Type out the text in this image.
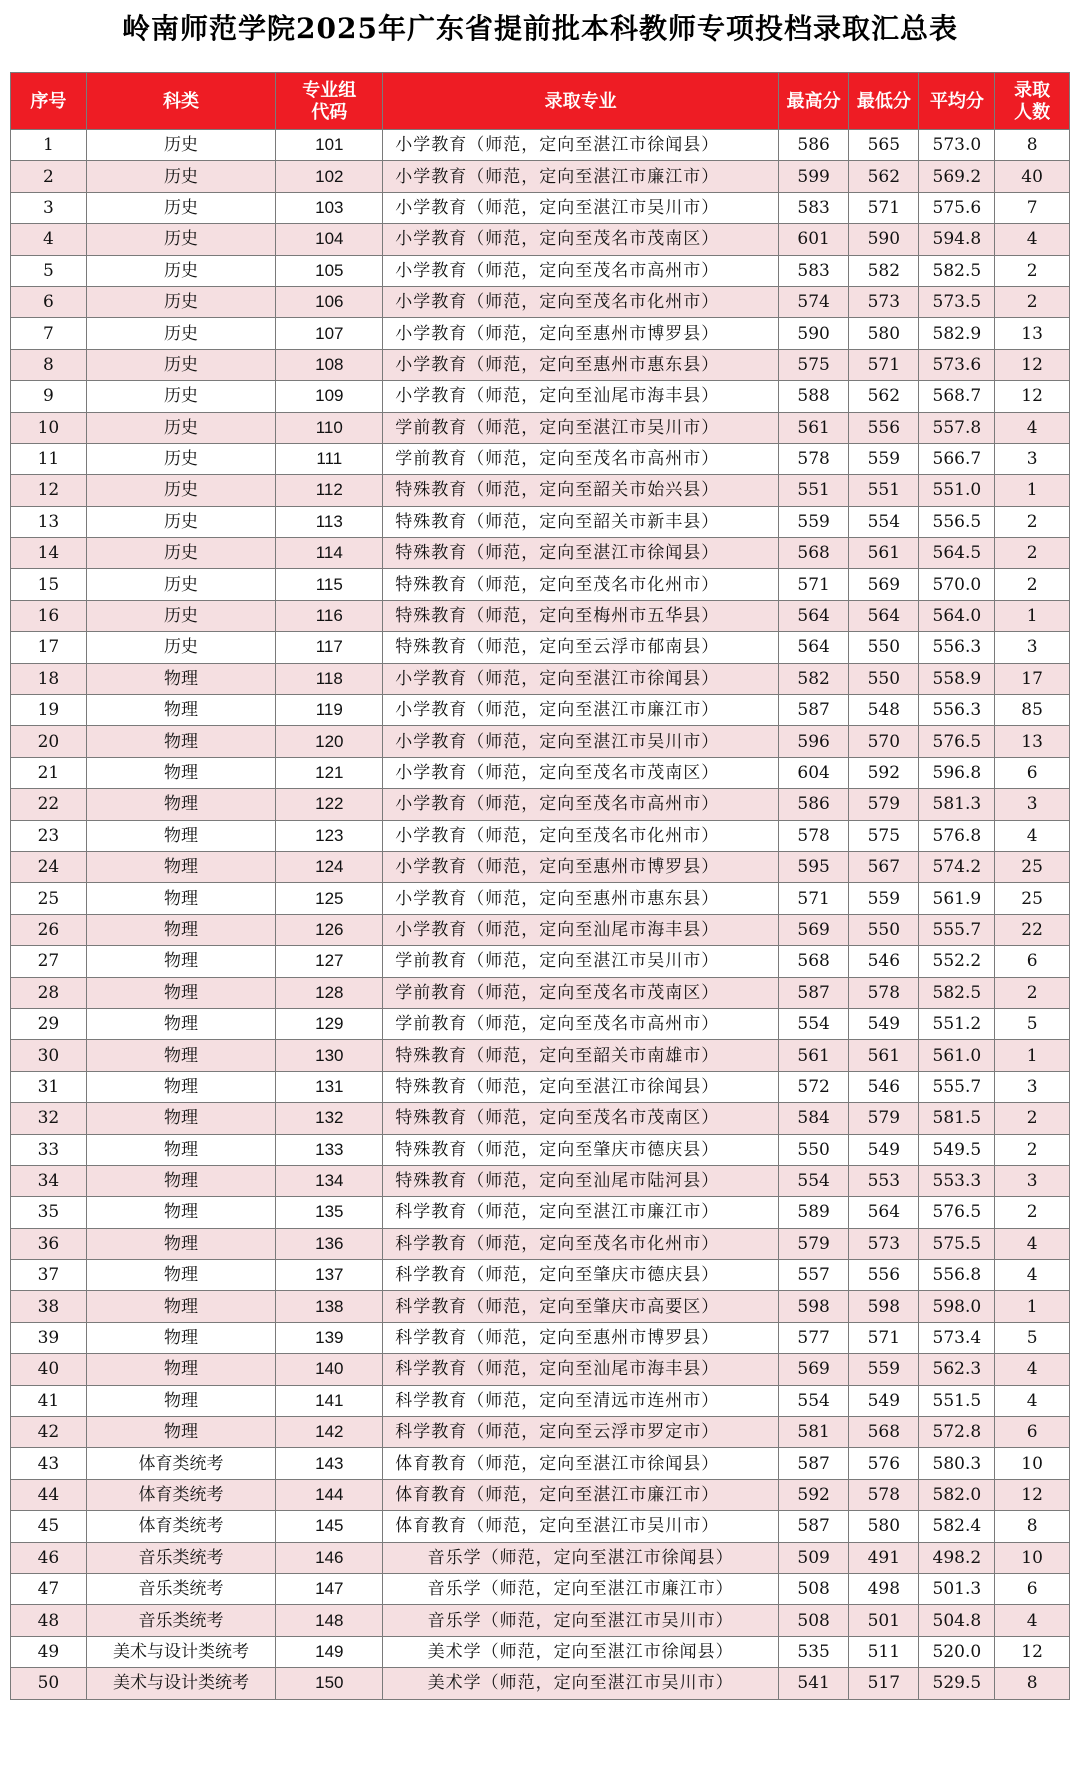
岭南师范学院2025年广东省提前批本科教师专项投档录取汇总表
序号	科类	专业组代码	录取专业	最高分	最低分	平均分	录取人数
1	历史	101	小学教育（师范，定向至湛江市徐闻县）	586	565	573.0	8
2	历史	102	小学教育（师范，定向至湛江市廉江市）	599	562	569.2	40
3	历史	103	小学教育（师范，定向至湛江市吴川市）	583	571	575.6	7
4	历史	104	小学教育（师范，定向至茂名市茂南区）	601	590	594.8	4
5	历史	105	小学教育（师范，定向至茂名市高州市）	583	582	582.5	2
6	历史	106	小学教育（师范，定向至茂名市化州市）	574	573	573.5	2
7	历史	107	小学教育（师范，定向至惠州市博罗县）	590	580	582.9	13
8	历史	108	小学教育（师范，定向至惠州市惠东县）	575	571	573.6	12
9	历史	109	小学教育（师范，定向至汕尾市海丰县）	588	562	568.7	12
10	历史	110	学前教育（师范，定向至湛江市吴川市）	561	556	557.8	4
11	历史	111	学前教育（师范，定向至茂名市高州市）	578	559	566.7	3
12	历史	112	特殊教育（师范，定向至韶关市始兴县）	551	551	551.0	1
13	历史	113	特殊教育（师范，定向至韶关市新丰县）	559	554	556.5	2
14	历史	114	特殊教育（师范，定向至湛江市徐闻县）	568	561	564.5	2
15	历史	115	特殊教育（师范，定向至茂名市化州市）	571	569	570.0	2
16	历史	116	特殊教育（师范，定向至梅州市五华县）	564	564	564.0	1
17	历史	117	特殊教育（师范，定向至云浮市郁南县）	564	550	556.3	3
18	物理	118	小学教育（师范，定向至湛江市徐闻县）	582	550	558.9	17
19	物理	119	小学教育（师范，定向至湛江市廉江市）	587	548	556.3	85
20	物理	120	小学教育（师范，定向至湛江市吴川市）	596	570	576.5	13
21	物理	121	小学教育（师范，定向至茂名市茂南区）	604	592	596.8	6
22	物理	122	小学教育（师范，定向至茂名市高州市）	586	579	581.3	3
23	物理	123	小学教育（师范，定向至茂名市化州市）	578	575	576.8	4
24	物理	124	小学教育（师范，定向至惠州市博罗县）	595	567	574.2	25
25	物理	125	小学教育（师范，定向至惠州市惠东县）	571	559	561.9	25
26	物理	126	小学教育（师范，定向至汕尾市海丰县）	569	550	555.7	22
27	物理	127	学前教育（师范，定向至湛江市吴川市）	568	546	552.2	6
28	物理	128	学前教育（师范，定向至茂名市茂南区）	587	578	582.5	2
29	物理	129	学前教育（师范，定向至茂名市高州市）	554	549	551.2	5
30	物理	130	特殊教育（师范，定向至韶关市南雄市）	561	561	561.0	1
31	物理	131	特殊教育（师范，定向至湛江市徐闻县）	572	546	555.7	3
32	物理	132	特殊教育（师范，定向至茂名市茂南区）	584	579	581.5	2
33	物理	133	特殊教育（师范，定向至肇庆市德庆县）	550	549	549.5	2
34	物理	134	特殊教育（师范，定向至汕尾市陆河县）	554	553	553.3	3
35	物理	135	科学教育（师范，定向至湛江市廉江市）	589	564	576.5	2
36	物理	136	科学教育（师范，定向至茂名市化州市）	579	573	575.5	4
37	物理	137	科学教育（师范，定向至肇庆市德庆县）	557	556	556.8	4
38	物理	138	科学教育（师范，定向至肇庆市高要区）	598	598	598.0	1
39	物理	139	科学教育（师范，定向至惠州市博罗县）	577	571	573.4	5
40	物理	140	科学教育（师范，定向至汕尾市海丰县）	569	559	562.3	4
41	物理	141	科学教育（师范，定向至清远市连州市）	554	549	551.5	4
42	物理	142	科学教育（师范，定向至云浮市罗定市）	581	568	572.8	6
43	体育类统考	143	体育教育（师范，定向至湛江市徐闻县）	587	576	580.3	10
44	体育类统考	144	体育教育（师范，定向至湛江市廉江市）	592	578	582.0	12
45	体育类统考	145	体育教育（师范，定向至湛江市吴川市）	587	580	582.4	8
46	音乐类统考	146	音乐学（师范，定向至湛江市徐闻县）	509	491	498.2	10
47	音乐类统考	147	音乐学（师范，定向至湛江市廉江市）	508	498	501.3	6
48	音乐类统考	148	音乐学（师范，定向至湛江市吴川市）	508	501	504.8	4
49	美术与设计类统考	149	美术学（师范，定向至湛江市徐闻县）	535	511	520.0	12
50	美术与设计类统考	150	美术学（师范，定向至湛江市吴川市）	541	517	529.5	8
